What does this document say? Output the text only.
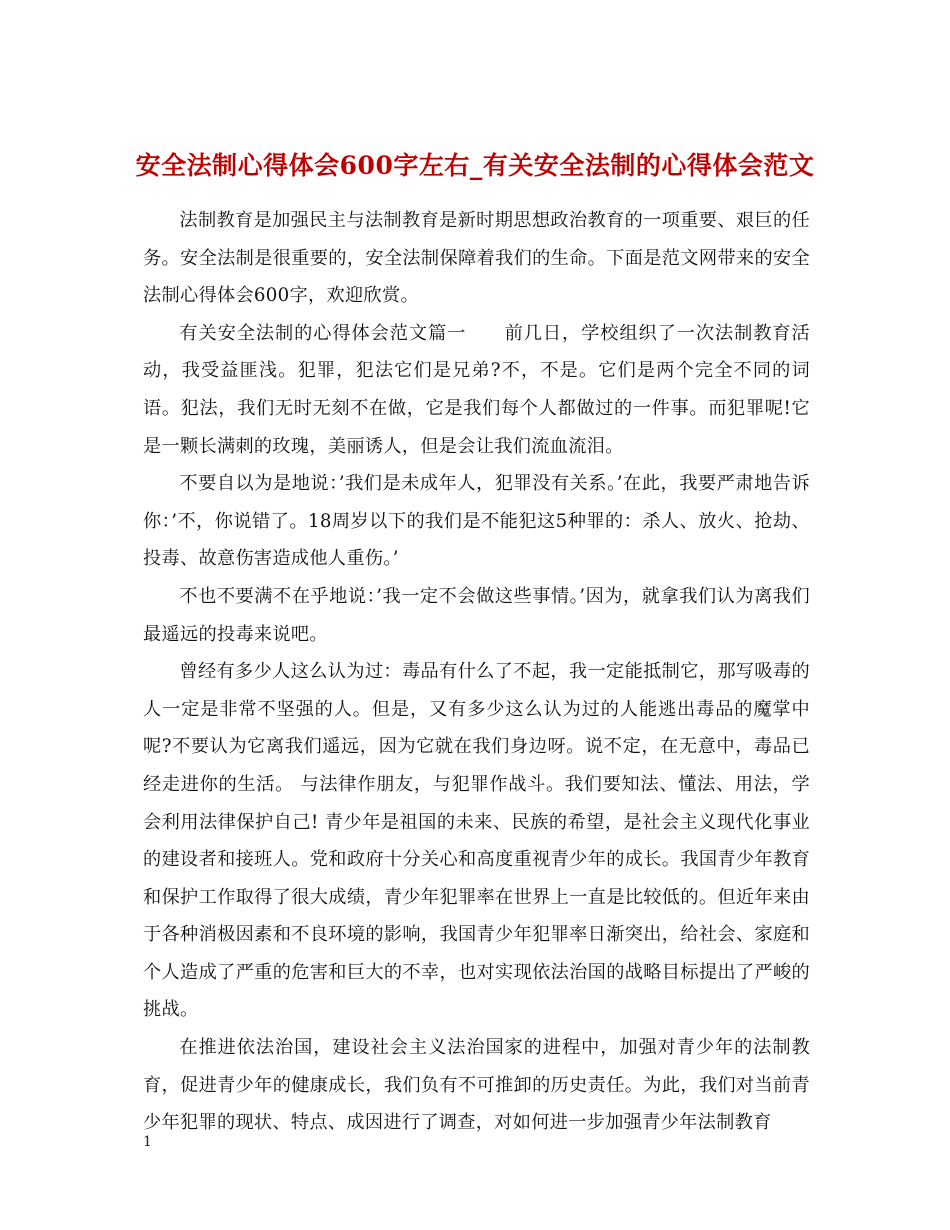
安全法制心得体会600字左右_有关安全法制的心得体会范文

法制教育是加强民主与法制教育是新时期思想政治教育的一项重要、艰巨的任务。安全法制是很重要的，安全法制保障着我们的生命。下面是范文网带来的安全法制心得体会600字，欢迎欣赏。

有关安全法制的心得体会范文篇一　　前几日，学校组织了一次法制教育活动，我受益匪浅。犯罪，犯法它们是兄弟?不，不是。它们是两个完全不同的词语。犯法，我们无时无刻不在做，它是我们每个人都做过的一件事。而犯罪呢!它是一颗长满刺的玫瑰，美丽诱人，但是会让我们流血流泪。

不要自以为是地说：’我们是未成年人，犯罪没有关系。’在此，我要严肃地告诉你：’不，你说错了。18周岁以下的我们是不能犯这5种罪的：杀人、放火、抢劫、投毒、故意伤害造成他人重伤。’

不也不要满不在乎地说：’我一定不会做这些事情。’因为，就拿我们认为离我们最遥远的投毒来说吧。

曾经有多少人这么认为过：毒品有什么了不起，我一定能抵制它，那写吸毒的人一定是非常不坚强的人。但是，又有多少这么认为过的人能逃出毒品的魔掌中呢?不要认为它离我们遥远，因为它就在我们身边呀。说不定，在无意中，毒品已经走进你的生活。 与法律作朋友，与犯罪作战斗。我们要知法、懂法、用法，学会利用法律保护自己! 青少年是祖国的未来、民族的希望，是社会主义现代化事业的建设者和接班人。党和政府十分关心和高度重视青少年的成长。我国青少年教育和保护工作取得了很大成绩，青少年犯罪率在世界上一直是比较低的。但近年来由于各种消极因素和不良环境的影响，我国青少年犯罪率日渐突出，给社会、家庭和个人造成了严重的危害和巨大的不幸，也对实现依法治国的战略目标提出了严峻的挑战。

在推进依法治国，建设社会主义法治国家的进程中，加强对青少年的法制教育，促进青少年的健康成长，我们负有不可推卸的历史责任。为此，我们对当前青少年犯罪的现状、特点、成因进行了调查，对如何进一步加强青少年法制教育

1
